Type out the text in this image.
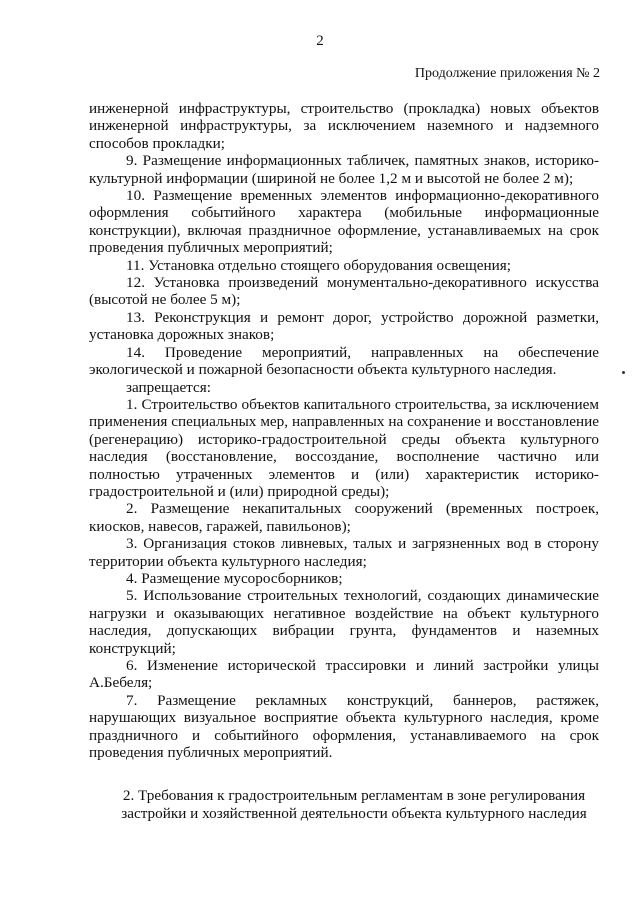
2
Продолжение приложения № 2

инженерной инфраструктуры, строительство (прокладка) новых объектов инженерной инфраструктуры, за исключением наземного и надземного способов прокладки;

9. Размещение информационных табличек, памятных знаков, историко-культурной информации (шириной не более 1,2 м и высотой не более 2 м);

10. Размещение временных элементов информационно-декоративного оформления событийного характера (мобильные информационные конструкции), включая праздничное оформление, устанавливаемых на срок проведения публичных мероприятий;

11. Установка отдельно стоящего оборудования освещения;

12. Установка произведений монументально-декоративного искусства (высотой не более 5 м);

13. Реконструкция и ремонт дорог, устройство дорожной разметки, установка дорожных знаков;

14. Проведение мероприятий, направленных на обеспечение экологической и пожарной безопасности объекта культурного наследия.

запрещается:

1. Строительство объектов капитального строительства, за исключением применения специальных мер, направленных на сохранение и восстановление (регенерацию) историко-градостроительной среды объекта культурного наследия (восстановление, воссоздание, восполнение частично или полностью утраченных элементов и (или) характеристик историко-градостроительной и (или) природной среды);

2. Размещение некапитальных сооружений (временных построек, киосков, навесов, гаражей, павильонов);

3. Организация стоков ливневых, талых и загрязненных вод в сторону территории объекта культурного наследия;

4. Размещение мусоросборников;

5. Использование строительных технологий, создающих динамические нагрузки и оказывающих негативное воздействие на объект культурного наследия, допускающих вибрации грунта, фундаментов и наземных конструкций;

6. Изменение исторической трассировки и линий застройки улицы А.Бебеля;

7. Размещение рекламных конструкций, баннеров, растяжек, нарушающих визуальное восприятие объекта культурного наследия, кроме праздничного и событийного оформления, устанавливаемого на срок проведения публичных мероприятий.

2. Требования к градостроительным регламентам в зоне регулирования застройки и хозяйственной деятельности объекта культурного наследия
